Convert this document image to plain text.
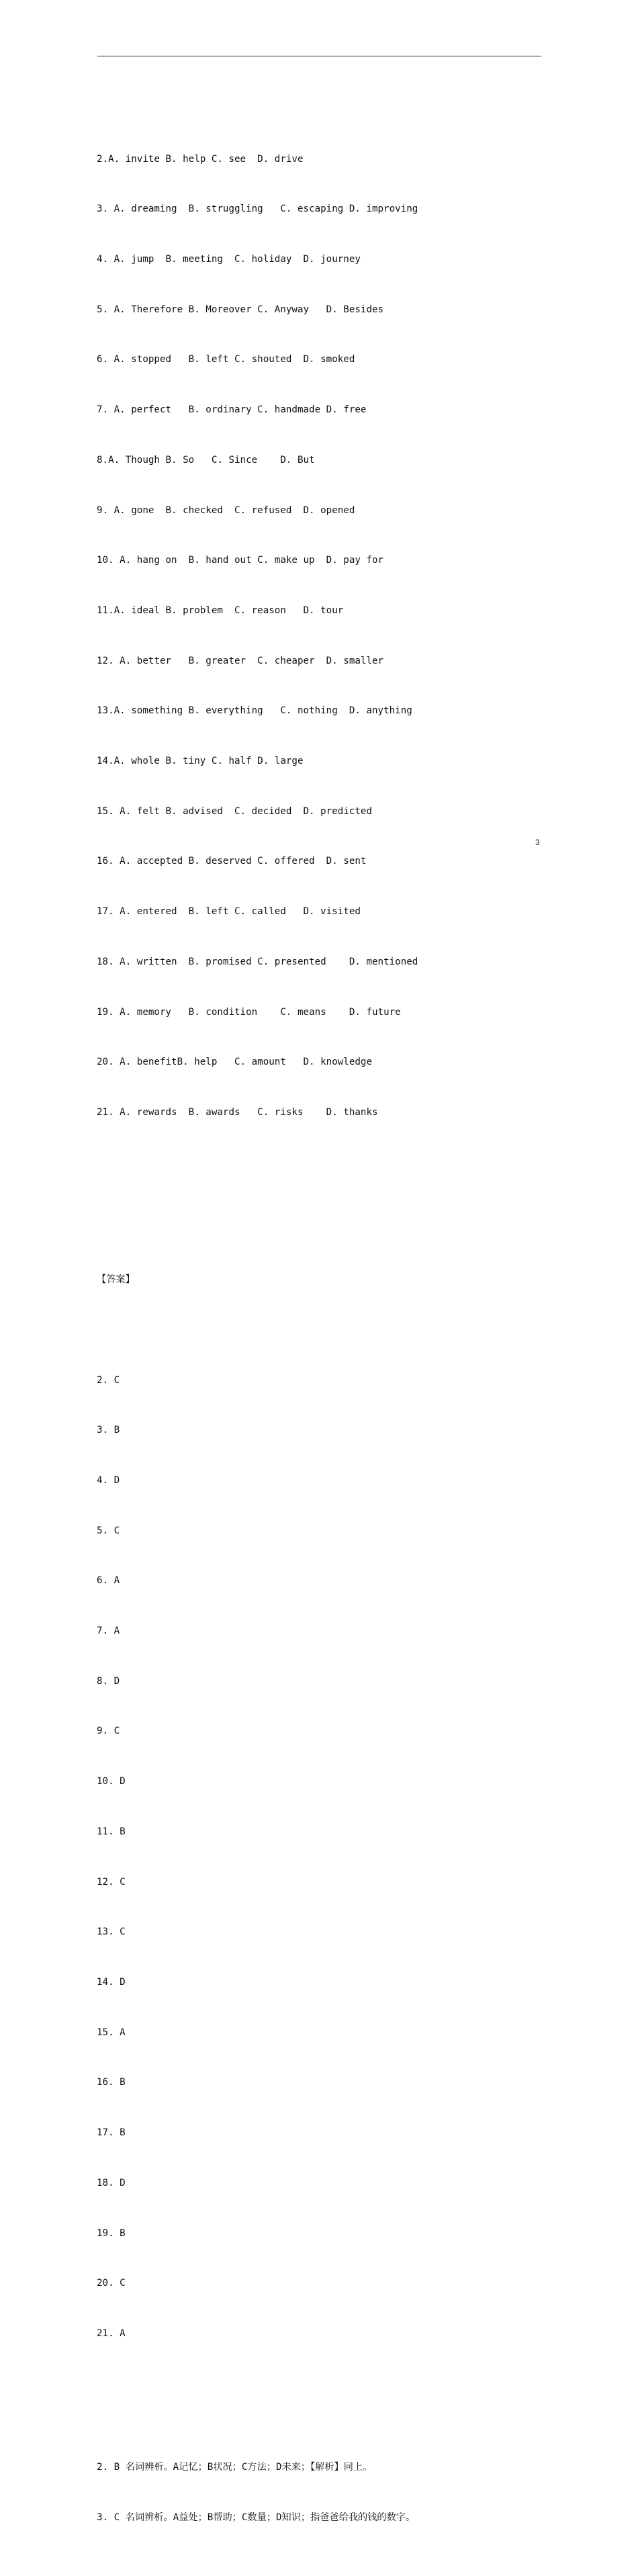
2.A. invite B. help C. see  D. drive

3. A. dreaming  B. struggling   C. escaping D. improving

4. A. jump  B. meeting  C. holiday  D. journey

5. A. Therefore B. Moreover C. Anyway   D. Besides

6. A. stopped   B. left C. shouted  D. smoked

7. A. perfect   B. ordinary C. handmade D. free

8.A. Though B. So   C. Since    D. But

9. A. gone  B. checked  C. refused  D. opened

10. A. hang on  B. hand out C. make up  D. pay for

11.A. ideal B. problem  C. reason   D. tour

12. A. better   B. greater  C. cheaper  D. smaller

13.A. something B. everything   C. nothing  D. anything

14.A. whole B. tiny C. half D. large

15. A. felt B. advised  C. decided  D. predicted

16. A. accepted B. deserved C. offered  D. sent

17. A. entered  B. left C. called   D. visited

18. A. written  B. promised C. presented    D. mentioned

19. A. memory   B. condition    C. means    D. future

20. A. benefitB. help   C. amount   D. knowledge

21. A. rewards  B. awards   C. risks    D. thanks

【答案】

2. C

3. B

4. D

5. C

6. A

7. A

8. D

9. C

10. D

11. B

12. C

13. C

14. D

15. A

16. B

17. B

18. D

19. B

20. C

21. A

2. B 名词辨析。A记忆；B状况；C方法；D未来；【解析】同上。

3. C 名词辨析。A益处；B帮助；C数量；D知识；指爸爸给我的钱的数字。

3
